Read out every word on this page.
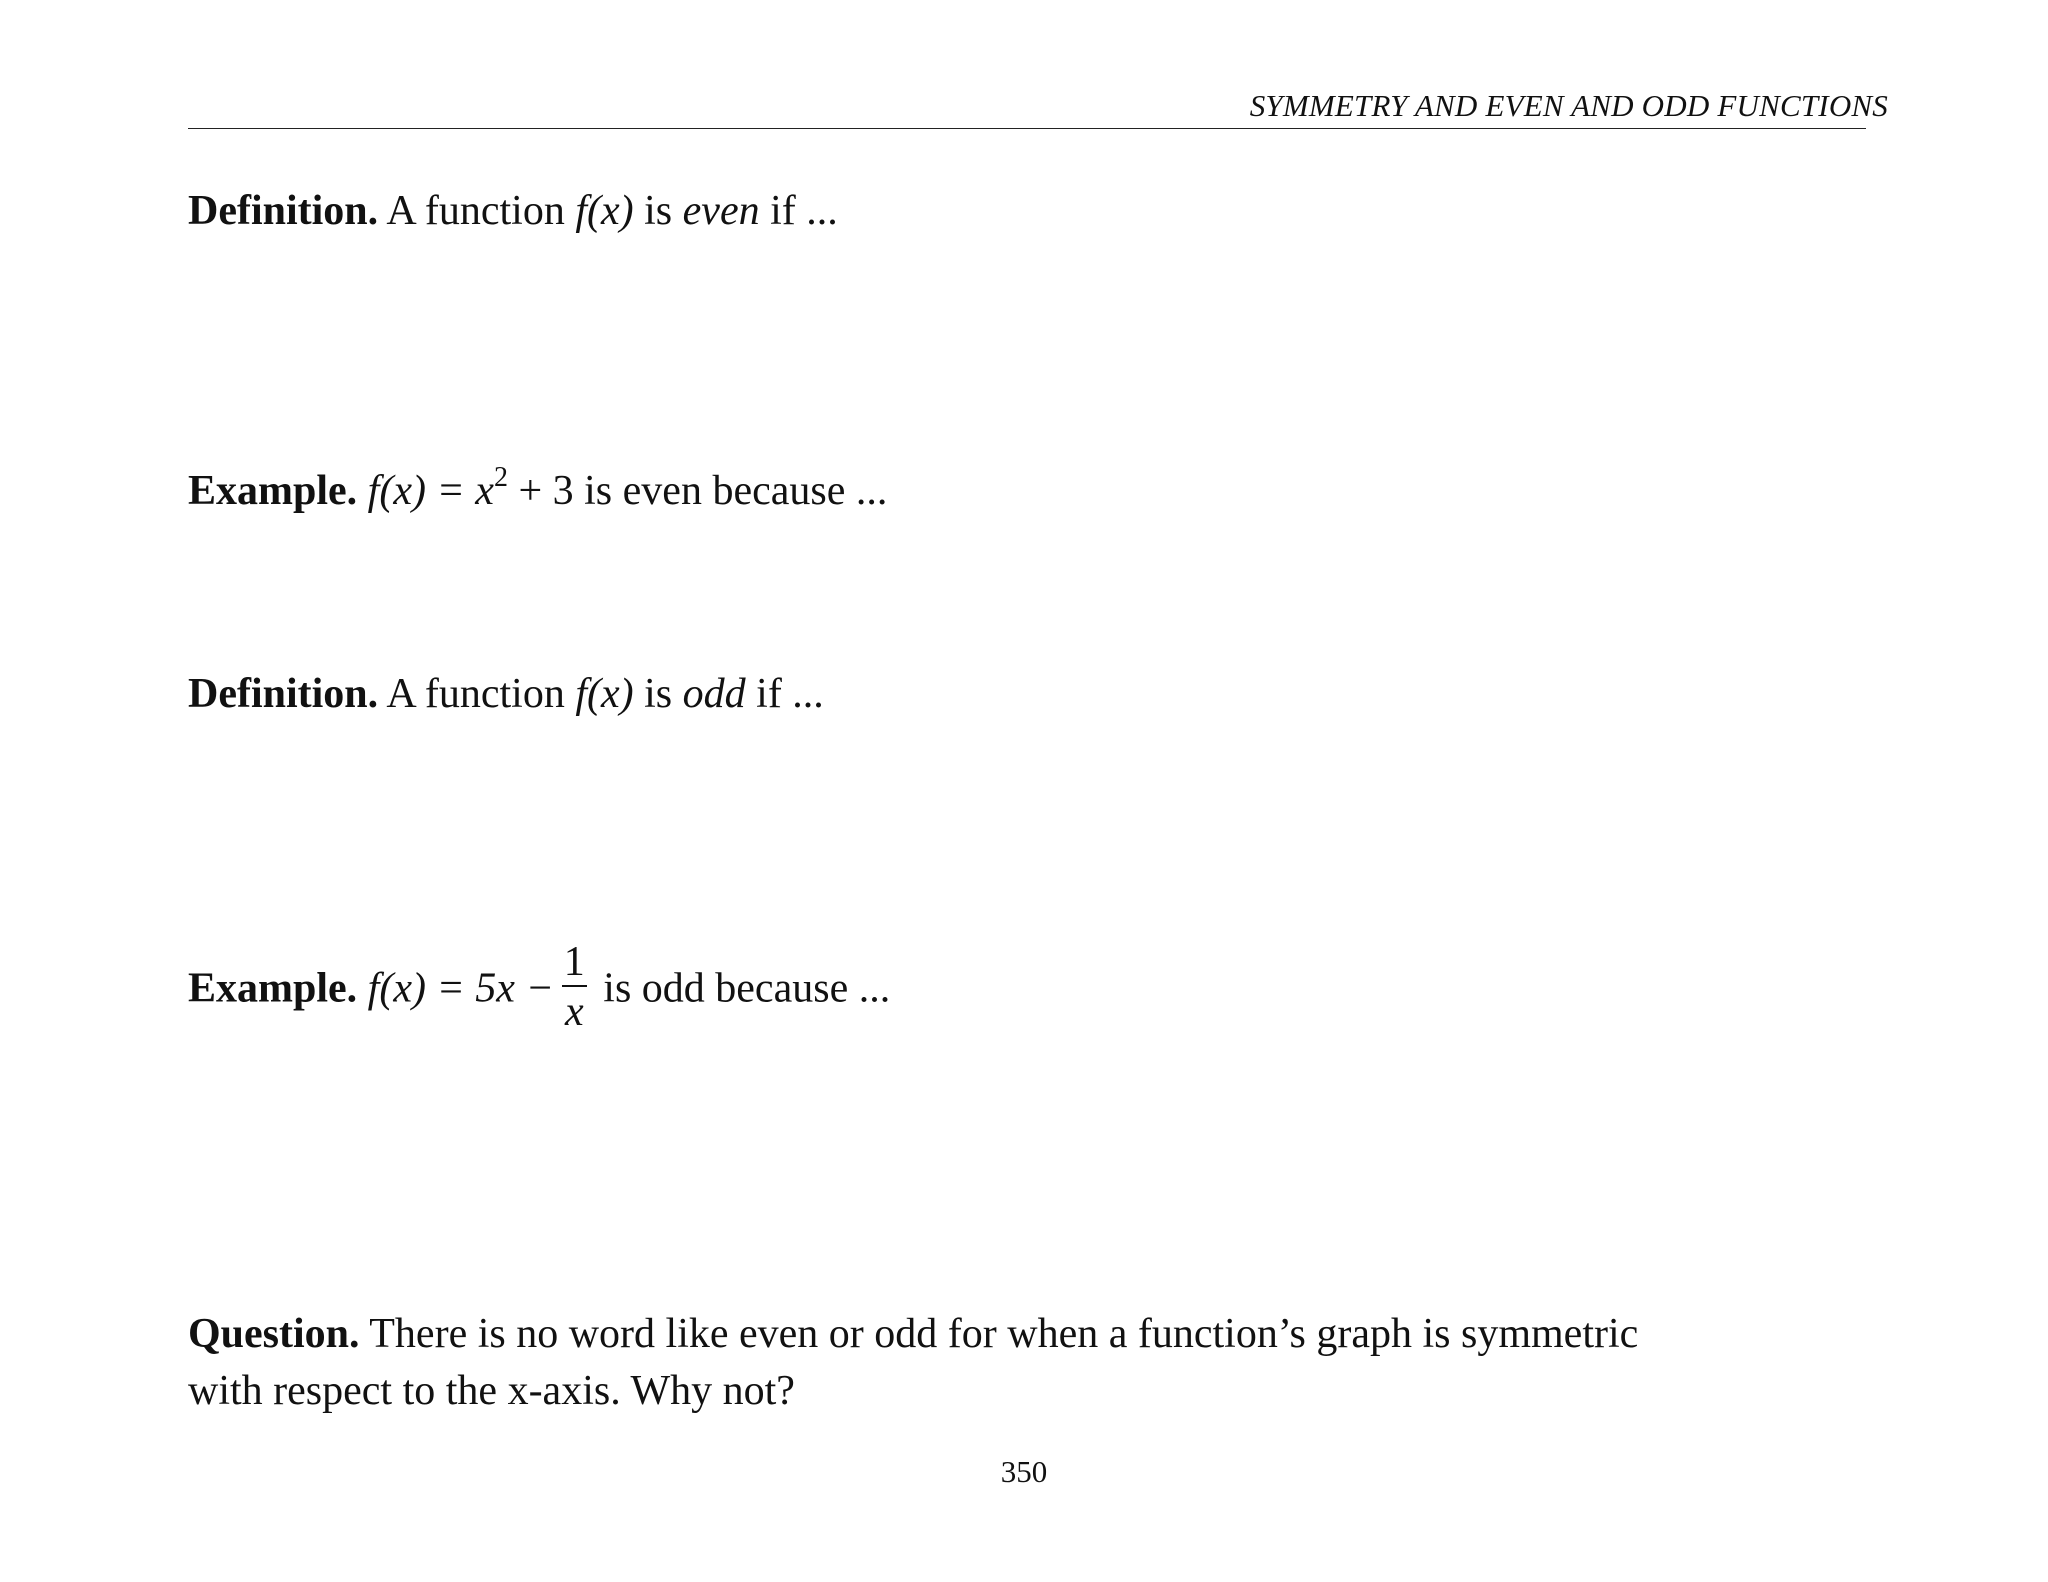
SYMMETRY AND EVEN AND ODD FUNCTIONS
Definition. A function f(x) is even if ...
Example. $f(x) = x^2 + 3$ is even because ...
Definition. A function f(x) is odd if ...
Example. $f(x) = 5x - \frac{1}{x}$ is odd because ...
Question. There is no word like even or odd for when a function’s graph is symmetric
with respect to the x-axis. Why not?
350
